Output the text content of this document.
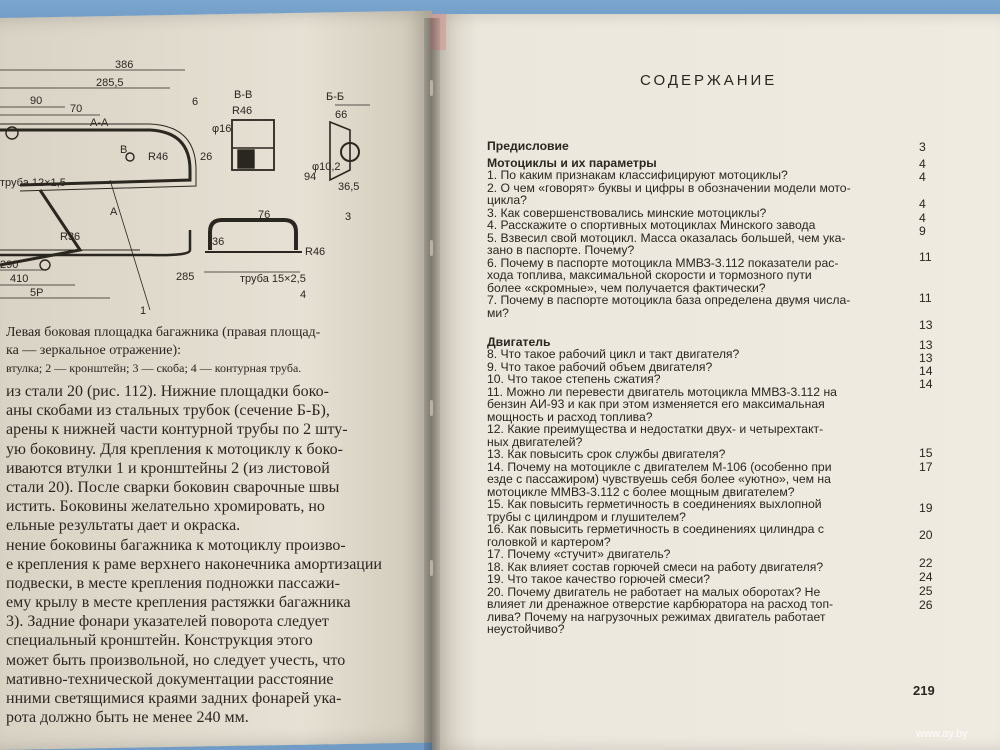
386
285,5
90
70
R36
R46
труба 12×1,5
В
А
А-А
В-В	Б-Б
76
66
26
36,5
94
φ10,2
φ16
R46
36
труба 15×2,5
285
290
410
5Р
R46
1
4
3
6
Левая боковая площадка багажника (правая площад-
ка — зеркальное отражение):
втулка; 2 — кронштейн; 3 — скоба; 4 — контурная труба.
из стали 20 (рис. 112). Нижние площадки боко-
аны скобами из стальных трубок (сечение Б-Б),
арены к нижней части контурной трубы по 2 шту-
ую боковину. Для крепления к мотоциклу к боко-
иваются втулки 1 и кронштейны 2 (из листовой
стали 20). После сварки боковин сварочные швы
истить. Боковины желательно хромировать, но
ельные результаты дает и окраска.
нение боковины багажника к мотоциклу произво-
е крепления к раме верхнего наконечника амортизации
подвески, в месте крепления подножки пассажи-
ему крылу в месте крепления растяжки багажника
3). Задние фонари указателей поворота следует
специальный кронштейн. Конструкция этого
может быть произвольной, но следует учесть, что
мативно-технической документации расстояние
нними светящимися краями задних фонарей ука-
рота должно быть не менее 240 мм.
СОДЕРЖАНИЕ
Предисловие
Мотоциклы и их параметры
1. По каким признакам классифицируют мотоциклы?
2. О чем «говорят» буквы и цифры в обозначении модели мото-
цикла?
3. Как совершенствовались минские мотоциклы?
4. Расскажите о спортивных мотоциклах Минского завода
5. Взвесил свой мотоцикл. Масса оказалась большей, чем ука-
зано в паспорте. Почему?
6. Почему в паспорте мотоцикла ММВЗ-3.112 показатели рас-
хода топлива, максимальной скорости и тормозного пути
более «скромные», чем получается фактически?
7. Почему в паспорте мотоцикла база определена двумя числа-
ми?
Двигатель
8. Что такое рабочий цикл и такт двигателя?
9. Что такое рабочий объем двигателя?
10. Что такое степень сжатия?
11. Можно ли перевести двигатель мотоцикла ММВЗ-3.112 на
бензин АИ-93 и как при этом изменяется его максимальная
мощность и расход топлива?
12. Какие преимущества и недостатки двух- и четырехтакт-
ных двигателей?
13. Как повысить срок службы двигателя?
14. Почему на мотоцикле с двигателем М-106 (особенно при
езде с пассажиром) чувствуешь себя более «уютно», чем на
мотоцикле ММВЗ-3.112 с более мощным двигателем?
15. Как повысить герметичность в соединениях выхлопной
трубы с цилиндром и глушителем?
16. Как повысить герметичность в соединениях цилиндра с
головкой и картером?
17. Почему «стучит» двигатель?
18. Как влияет состав горючей смеси на работу двигателя?
19. Что такое качество горючей смеси?
20. Почему двигатель не работает на малых оборотах? Не
влияет ли дренажное отверстие карбюратора на расход топ-
лива? Почему на нагрузочных режимах двигатель работает
неустойчиво?
3
4
4
4
4
9
11
11
13
13
13
14
14
15
17
19
20
22
24
25
26
219
www.ay.by
